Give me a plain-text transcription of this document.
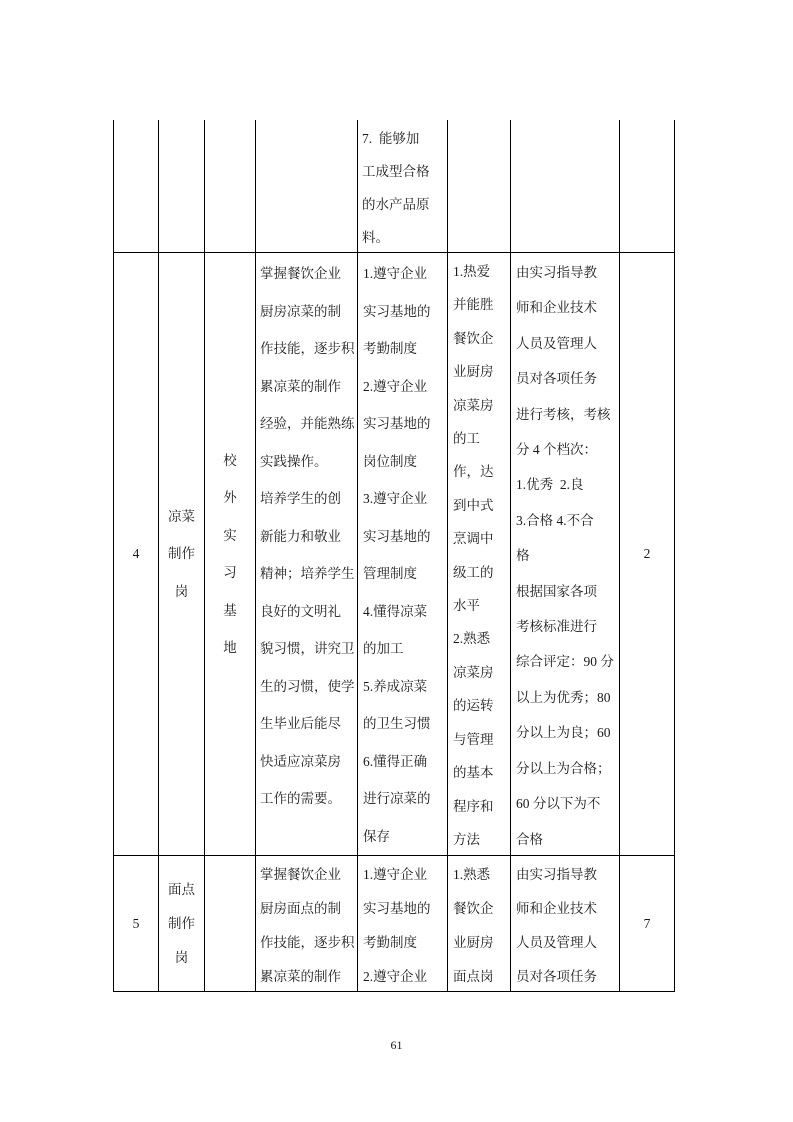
7.  能够加
工成型合格
的水产品原
料。
4
凉菜
制作
岗
校
外
实
习
基
地
掌握餐饮企业
厨房凉菜的制
作技能，逐步积
累凉菜的制作
经验，并能熟练
实践操作。
培养学生的创
新能力和敬业
精神；培养学生
良好的文明礼
貌习惯，讲究卫
生的习惯，使学
生毕业后能尽
快适应凉菜房
工作的需要。
1.遵守企业
实习基地的
考勤制度
2.遵守企业
实习基地的
岗位制度
3.遵守企业
实习基地的
管理制度
4.懂得凉菜
的加工
5.养成凉菜
的卫生习惯
6.懂得正确
进行凉菜的
保存
1.热爱
并能胜
餐饮企
业厨房
凉菜房
的工
作，达
到中式
烹调中
级工的
水平
2.熟悉
凉菜房
的运转
与管理
的基本
程序和
方法
由实习指导教
师和企业技术
人员及管理人
员对各项任务
进行考核，考核
分 4 个档次：
1.优秀  2.良
3.合格 4.不合
格
根据国家各项
考核标准进行
综合评定：90 分
以上为优秀；80
分以上为良；60
分以上为合格；
60 分以下为不
合格
2
5
面点
制作
岗
掌握餐饮企业
厨房面点的制
作技能，逐步积
累凉菜的制作
1.遵守企业
实习基地的
考勤制度
2.遵守企业
1.熟悉
餐饮企
业厨房
面点岗
由实习指导教
师和企业技术
人员及管理人
员对各项任务
7
61
